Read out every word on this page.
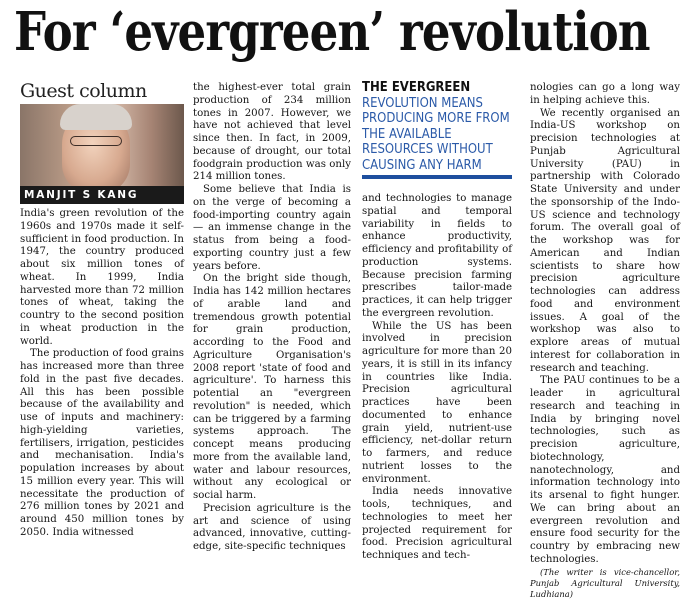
For ‘evergreen’ revolution
Guest column
MANJIT S KANG

India's green revolution of the 1960s and 1970s made it self-sufficient in food production. In 1947, the country produced about six million tones of wheat. In 1999, India harvested more than 72 million tones of wheat, taking the country to the second position in wheat production in the world.

The production of food grains has increased more than three fold in the past five decades. All this has been possible because of the availability and use of inputs and machinery: high-yielding varieties, fertilisers, irrigation, pesticides and mechanisation. India's population increases by about 15 million every year. This will necessitate the production of 276 million tones by 2021 and around 450 million tones by 2050. India witnessed

the highest-ever total grain production of 234 million tones in 2007. However, we have not achieved that level since then. In fact, in 2009, because of drought, our total foodgrain production was only 214 million tones.

Some believe that India is on the verge of becoming a food-importing country again — an immense change in the status from being a food-exporting country just a few years before.

On the bright side though, India has 142 million hectares of arable land and tremendous growth potential for grain production, according to the Food and Agriculture Organisation's 2008 report 'state of food and agriculture'. To harness this potential an "evergreen revolution" is needed, which can be triggered by a farming systems approach. The concept means producing more from the available land, water and labour resources, without any ecological or social harm.

Precision agriculture is the art and science of using advanced, innovative, cutting-edge, site-specific techniques

THE EVERGREEN
REVOLUTION MEANS PRODUCING MORE FROM THE AVAILABLE RESOURCES WITHOUT CAUSING ANY HARM

and technologies to manage spatial and temporal variability in fields to enhance productivity, efficiency and profitability of production systems. Because precision farming prescribes tailor-made practices, it can help trigger the evergreen revolution.

While the US has been involved in precision agriculture for more than 20 years, it is still in its infancy in countries like India. Precision agricultural practices have been documented to enhance grain yield, nutrient-use efficiency, net-dollar return to farmers, and reduce nutrient losses to the environment.

India needs innovative tools, techniques, and technologies to meet her projected requirement for food. Precision agricultural techniques and tech-

nologies can go a long way in helping achieve this.

We recently organised an India-US workshop on precision technologies at Punjab Agricultural University (PAU) in partnership with Colorado State University and under the sponsorship of the Indo-US science and technology forum. The overall goal of the workshop was for American and Indian scientists to share how precision agriculture technologies can address food and environment issues. A goal of the workshop was also to explore areas of mutual interest for collaboration in research and teaching.

The PAU continues to be a leader in agricultural research and teaching in India by bringing novel technologies, such as precision agriculture, biotechnology, nanotechnology, and information technology into its arsenal to fight hunger. We can bring about an evergreen revolution and ensure food security for the country by embracing new technologies.

(The writer is vice-chancellor, Punjab Agricultural University, Ludhiana)
